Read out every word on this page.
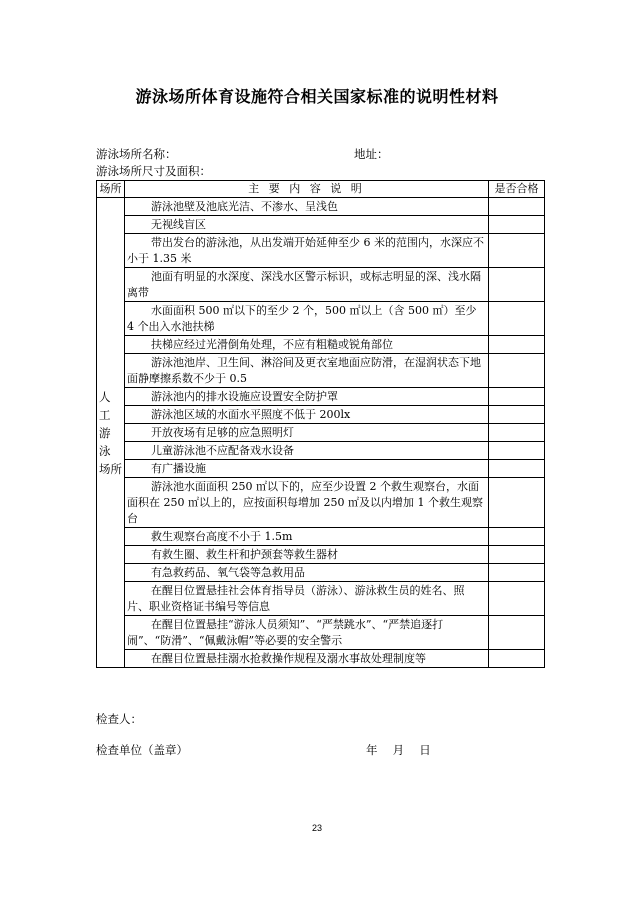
游泳场所体育设施符合相关国家标准的说明性材料
游泳场所名称：	地址：
游泳场所尺寸及面积：
场所	主 要 内 容 说 明	是否合格

人 工
游 泳
场所	游泳池壁及池底光洁、不渗水、呈浅色	
	无视线盲区	
	带出发台的游泳池，从出发端开始延伸至少 6 米的范围内，水深应不小于 1.35 米	
	池面有明显的水深度、深浅水区警示标识，或标志明显的深、浅水隔离带	
	水面面积 500 ㎡以下的至少 2 个，500 ㎡以上（含 500 ㎡）至少 4 个出入水池扶梯	
	扶梯应经过光滑倒角处理，不应有粗糙或锐角部位	
	游泳池池岸、卫生间、淋浴间及更衣室地面应防滑，在湿润状态下地面静摩擦系数不少于 0.5	
	游泳池内的排水设施应设置安全防护罩	
	游泳池区域的水面水平照度不低于 200lx	
	开放夜场有足够的应急照明灯	
	儿童游泳池不应配备戏水设备	
	有广播设施	
	游泳池水面面积 250 ㎡以下的，应至少设置 2 个救生观察台，水面面积在 250 ㎡以上的，应按面积每增加 250 ㎡及以内增加 1 个救生观察台	
	救生观察台高度不小于 1.5m	
	有救生圈、救生杆和护颈套等救生器材	
	有急救药品、氧气袋等急救用品	
	在醒目位置悬挂社会体育指导员（游泳）、游泳救生员的姓名、照片、职业资格证书编号等信息	
	在醒目位置悬挂“游泳人员须知”、“严禁跳水”、“严禁追逐打闹”、“防滑”、“佩戴泳帽”等必要的安全警示	
	在醒目位置悬挂溺水抢救操作规程及溺水事故处理制度等	
检查人：
检查单位（盖章）	年　 月　 日
23
